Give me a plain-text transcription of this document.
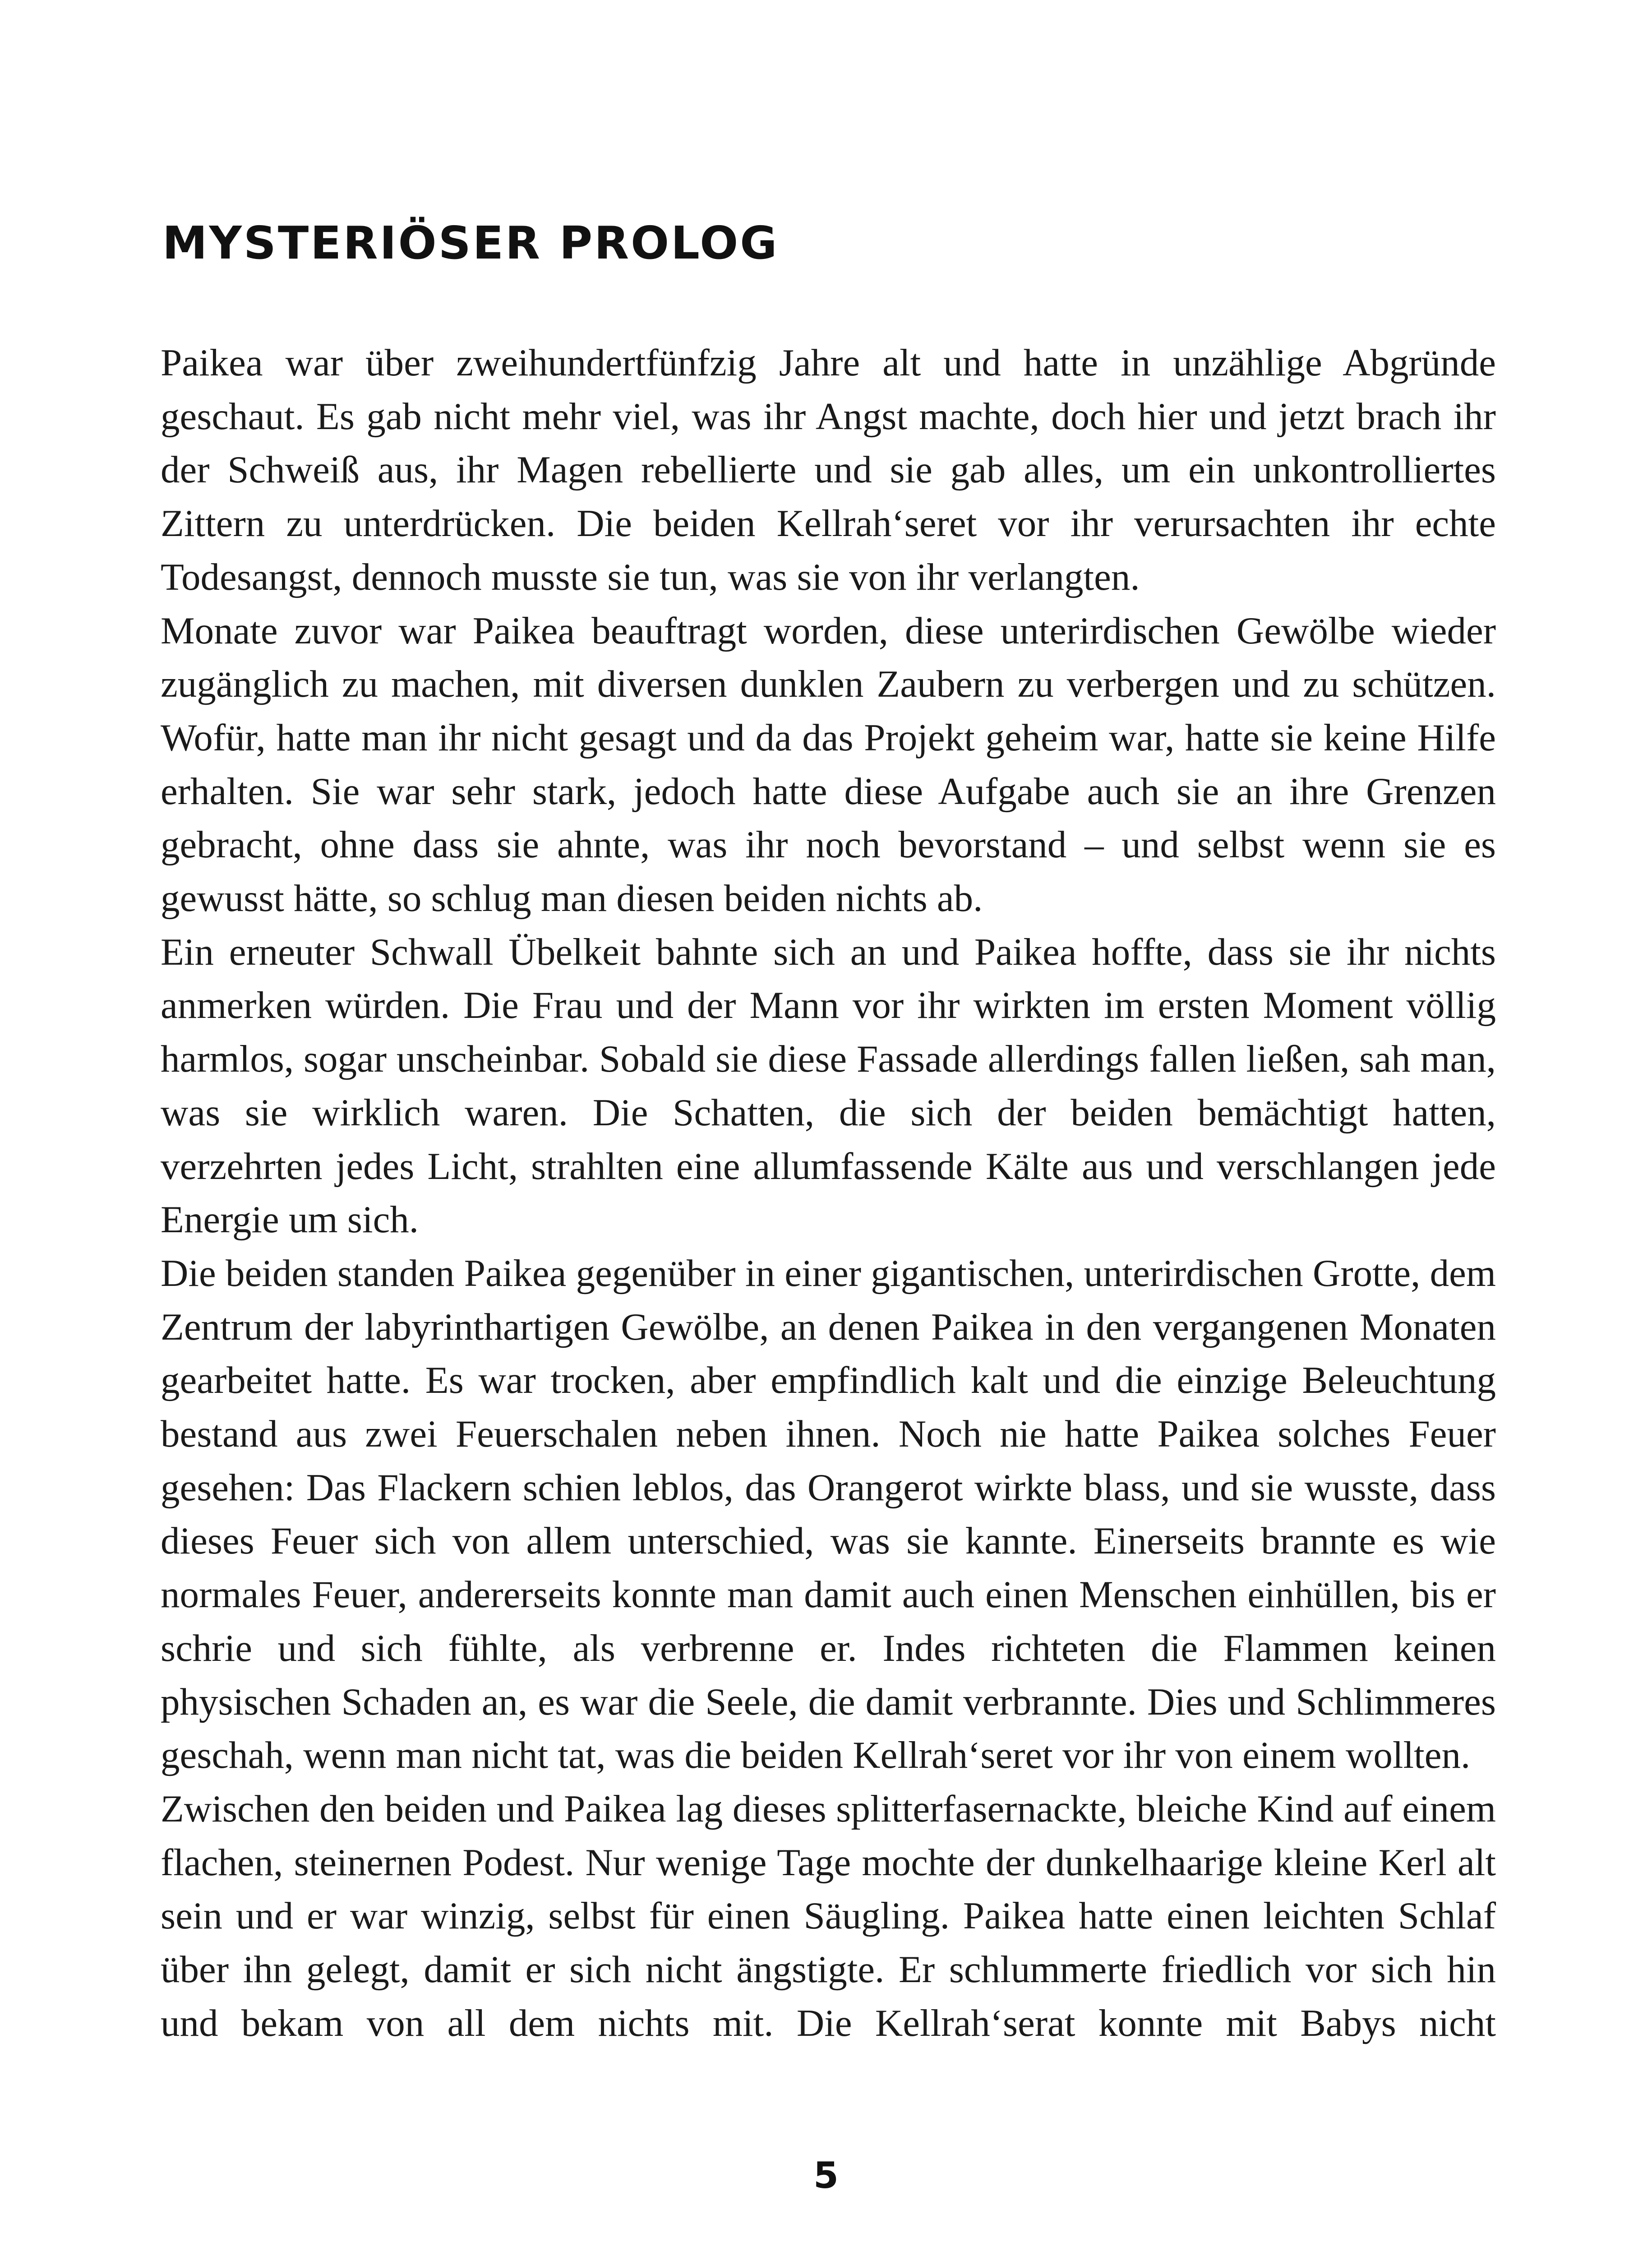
MYSTERIÖSER PROLOG

Paikea war über zweihundertfünfzig Jahre alt und hatte in unzählige Abgründe geschaut. Es gab nicht mehr viel, was ihr Angst machte, doch hier und jetzt brach ihr der Schweiß aus, ihr Magen rebellierte und sie gab alles, um ein unkontrolliertes Zittern zu unterdrücken. Die beiden Kellrah‘seret vor ihr verursachten ihr echte Todesangst, dennoch musste sie tun, was sie von ihr verlangten.

Monate zuvor war Paikea beauftragt worden, diese unterirdischen Gewölbe wieder zugänglich zu machen, mit diversen dunklen Zaubern zu verbergen und zu schützen. Wofür, hatte man ihr nicht gesagt und da das Projekt geheim war, hatte sie keine Hilfe erhalten. Sie war sehr stark, jedoch hatte diese Aufgabe auch sie an ihre Grenzen gebracht, ohne dass sie ahnte, was ihr noch bevorstand – und selbst wenn sie es gewusst hätte, so schlug man diesen beiden nichts ab.

Ein erneuter Schwall Übelkeit bahnte sich an und Paikea hoffte, dass sie ihr nichts anmerken würden. Die Frau und der Mann vor ihr wirkten im ersten Moment völlig harmlos, sogar unscheinbar. Sobald sie diese Fassade allerdings fallen ließen, sah man, was sie wirklich waren. Die Schatten, die sich der beiden bemächtigt hatten, verzehrten jedes Licht, strahlten eine allumfassende Kälte aus und verschlangen jede Energie um sich.

Die beiden standen Paikea gegenüber in einer gigantischen, unterirdischen Grotte, dem Zentrum der labyrinthartigen Gewölbe, an denen Paikea in den vergangenen Monaten gearbeitet hatte. Es war trocken, aber empfindlich kalt und die einzige Beleuchtung bestand aus zwei Feuerschalen neben ihnen. Noch nie hatte Paikea solches Feuer gesehen: Das Flackern schien leblos, das Orangerot wirkte blass, und sie wusste, dass dieses Feuer sich von allem unterschied, was sie kannte. Einerseits brannte es wie normales Feuer, andererseits konnte man damit auch einen Menschen einhüllen, bis er schrie und sich fühlte, als verbrenne er. Indes richteten die Flammen keinen physischen Schaden an, es war die Seele, die damit verbrannte. Dies und Schlimmeres geschah, wenn man nicht tat, was die beiden Kellrah‘seret vor ihr von einem wollten.

Zwischen den beiden und Paikea lag dieses splitterfasernackte, bleiche Kind auf einem flachen, steinernen Podest. Nur wenige Tage mochte der dunkelhaarige kleine Kerl alt sein und er war winzig, selbst für einen Säugling. Paikea hatte einen leichten Schlaf über ihn gelegt, damit er sich nicht ängstigte. Er schlummerte friedlich vor sich hin und bekam von all dem nichts mit. Die Kellrah‘serat konnte mit Babys nicht

5
